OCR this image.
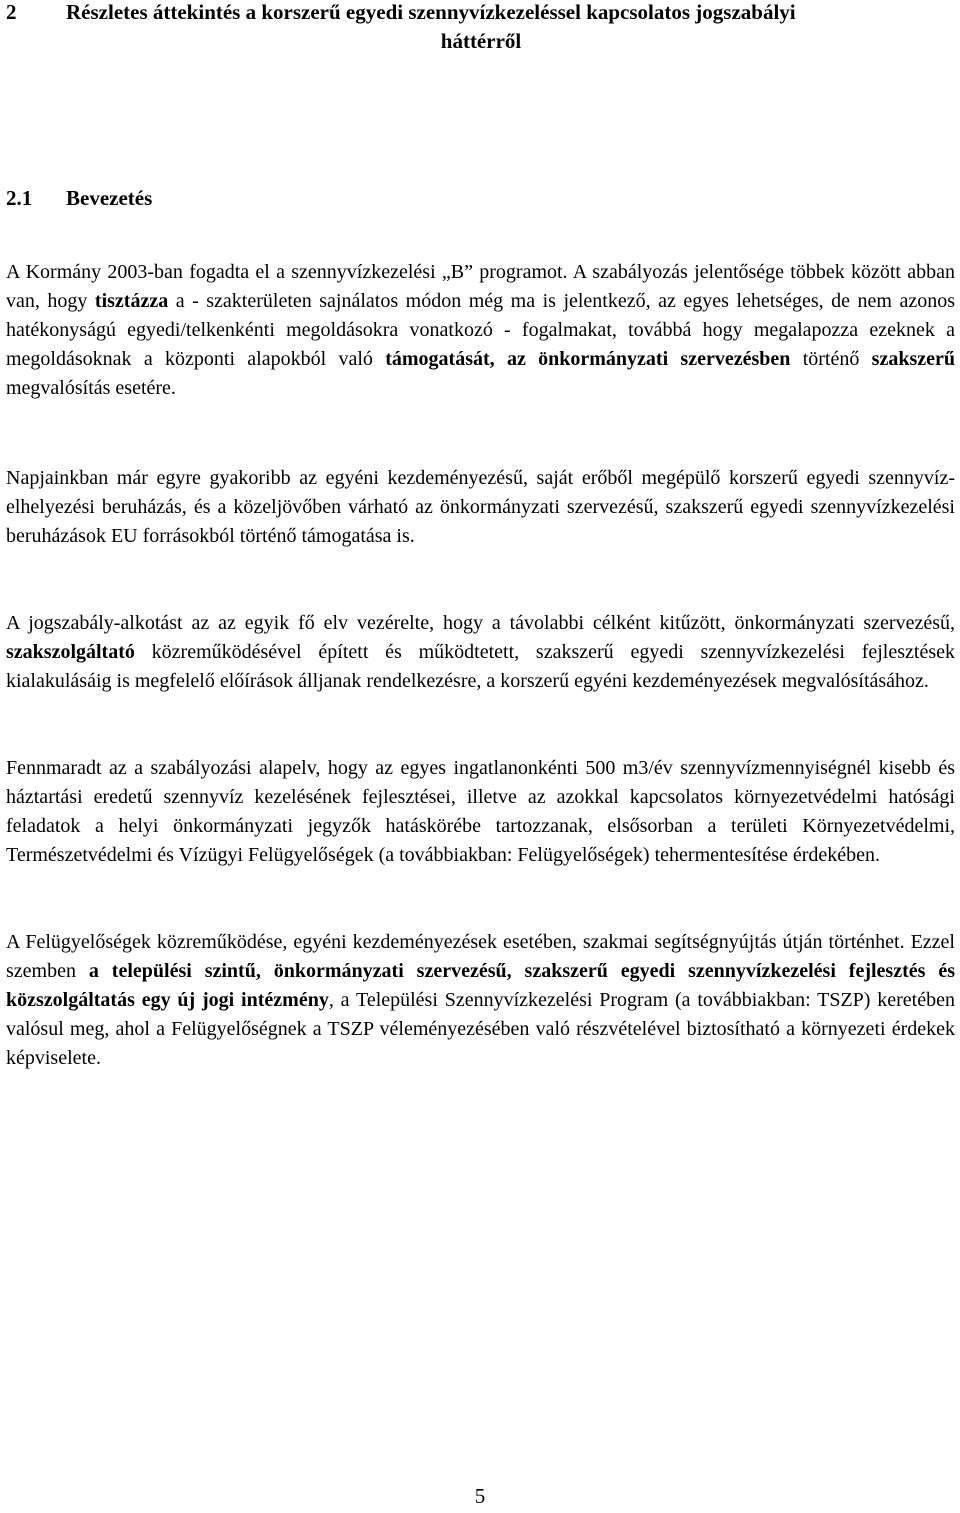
2 Részletes áttekintés a korszerű egyedi szennyvízkezeléssel kapcsolatos jogszabályi
háttérről
2.1 Bevezetés

A Kormány 2003-ban fogadta el a szennyvízkezelési „B” programot. A szabályozás jelentősége többek között abban van, hogy tisztázza a - szakterületen sajnálatos módon még ma is jelentkező, az egyes lehetséges, de nem azonos hatékonyságú egyedi/telkenkénti megoldásokra vonatkozó - fogalmakat, továbbá hogy megalapozza ezeknek a megoldásoknak a központi alapokból való támogatását, az önkormányzati szervezésben történő szakszerű megvalósítás esetére.

Napjainkban már egyre gyakoribb az egyéni kezdeményezésű, saját erőből megépülő korszerű egyedi szennyvíz-elhelyezési beruházás, és a közeljövőben várható az önkormányzati szervezésű, szakszerű egyedi szennyvízkezelési beruházások EU forrásokból történő támogatása is.

A jogszabály-alkotást az az egyik fő elv vezérelte, hogy a távolabbi célként kitűzött, önkormányzati szervezésű, szakszolgáltató közreműködésével épített és működtetett, szakszerű egyedi szennyvízkezelési fejlesztések kialakulásáig is megfelelő előírások álljanak rendelkezésre, a korszerű egyéni kezdeményezések megvalósításához.

Fennmaradt az a szabályozási alapelv, hogy az egyes ingatlanonkénti 500 m3/év szennyvízmennyiségnél kisebb és háztartási eredetű szennyvíz kezelésének fejlesztései, illetve az azokkal kapcsolatos környezetvédelmi hatósági feladatok a helyi önkormányzati jegyzők hatáskörébe tartozzanak, elsősorban a területi Környezetvédelmi, Természetvédelmi és Vízügyi Felügyelőségek (a továbbiakban: Felügyelőségek) tehermentesítése érdekében.

A Felügyelőségek közreműködése, egyéni kezdeményezések esetében, szakmai segítségnyújtás útján történhet. Ezzel szemben a települési szintű, önkormányzati szervezésű, szakszerű egyedi szennyvízkezelési fejlesztés és közszolgáltatás egy új jogi intézmény, a Települési Szennyvízkezelési Program (a továbbiakban: TSZP) keretében valósul meg, ahol a Felügyelőségnek a TSZP véleményezésében való részvételével biztosítható a környezeti érdekek képviselete.

5
